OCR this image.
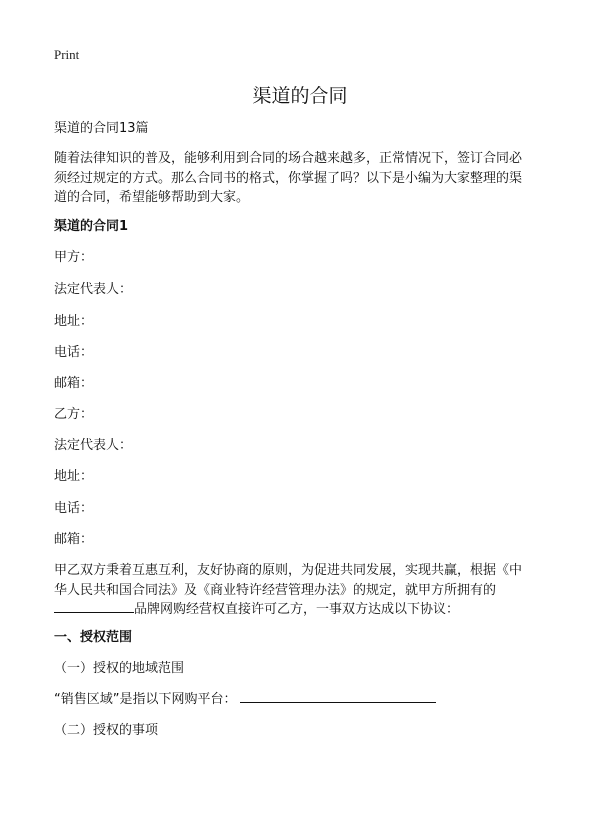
Print
渠道的合同
渠道的合同13篇
随着法律知识的普及，能够利用到合同的场合越来越多，正常情况下，签订合同必
须经过规定的方式。那么合同书的格式，你掌握了吗？以下是小编为大家整理的渠
道的合同，希望能够帮助到大家。
渠道的合同1
甲方：
法定代表人：
地址：
电话：
邮箱：
乙方：
法定代表人：
地址：
电话：
邮箱：
甲乙双方秉着互惠互利，友好协商的原则，为促进共同发展，实现共赢，根据《中
华人民共和国合同法》及《商业特许经营管理办法》的规定，就甲方所拥有的
品牌网购经营权直接许可乙方，一事双方达成以下协议：
一、授权范围
（一）授权的地域范围
“销售区域”是指以下网购平台：
（二）授权的事项
